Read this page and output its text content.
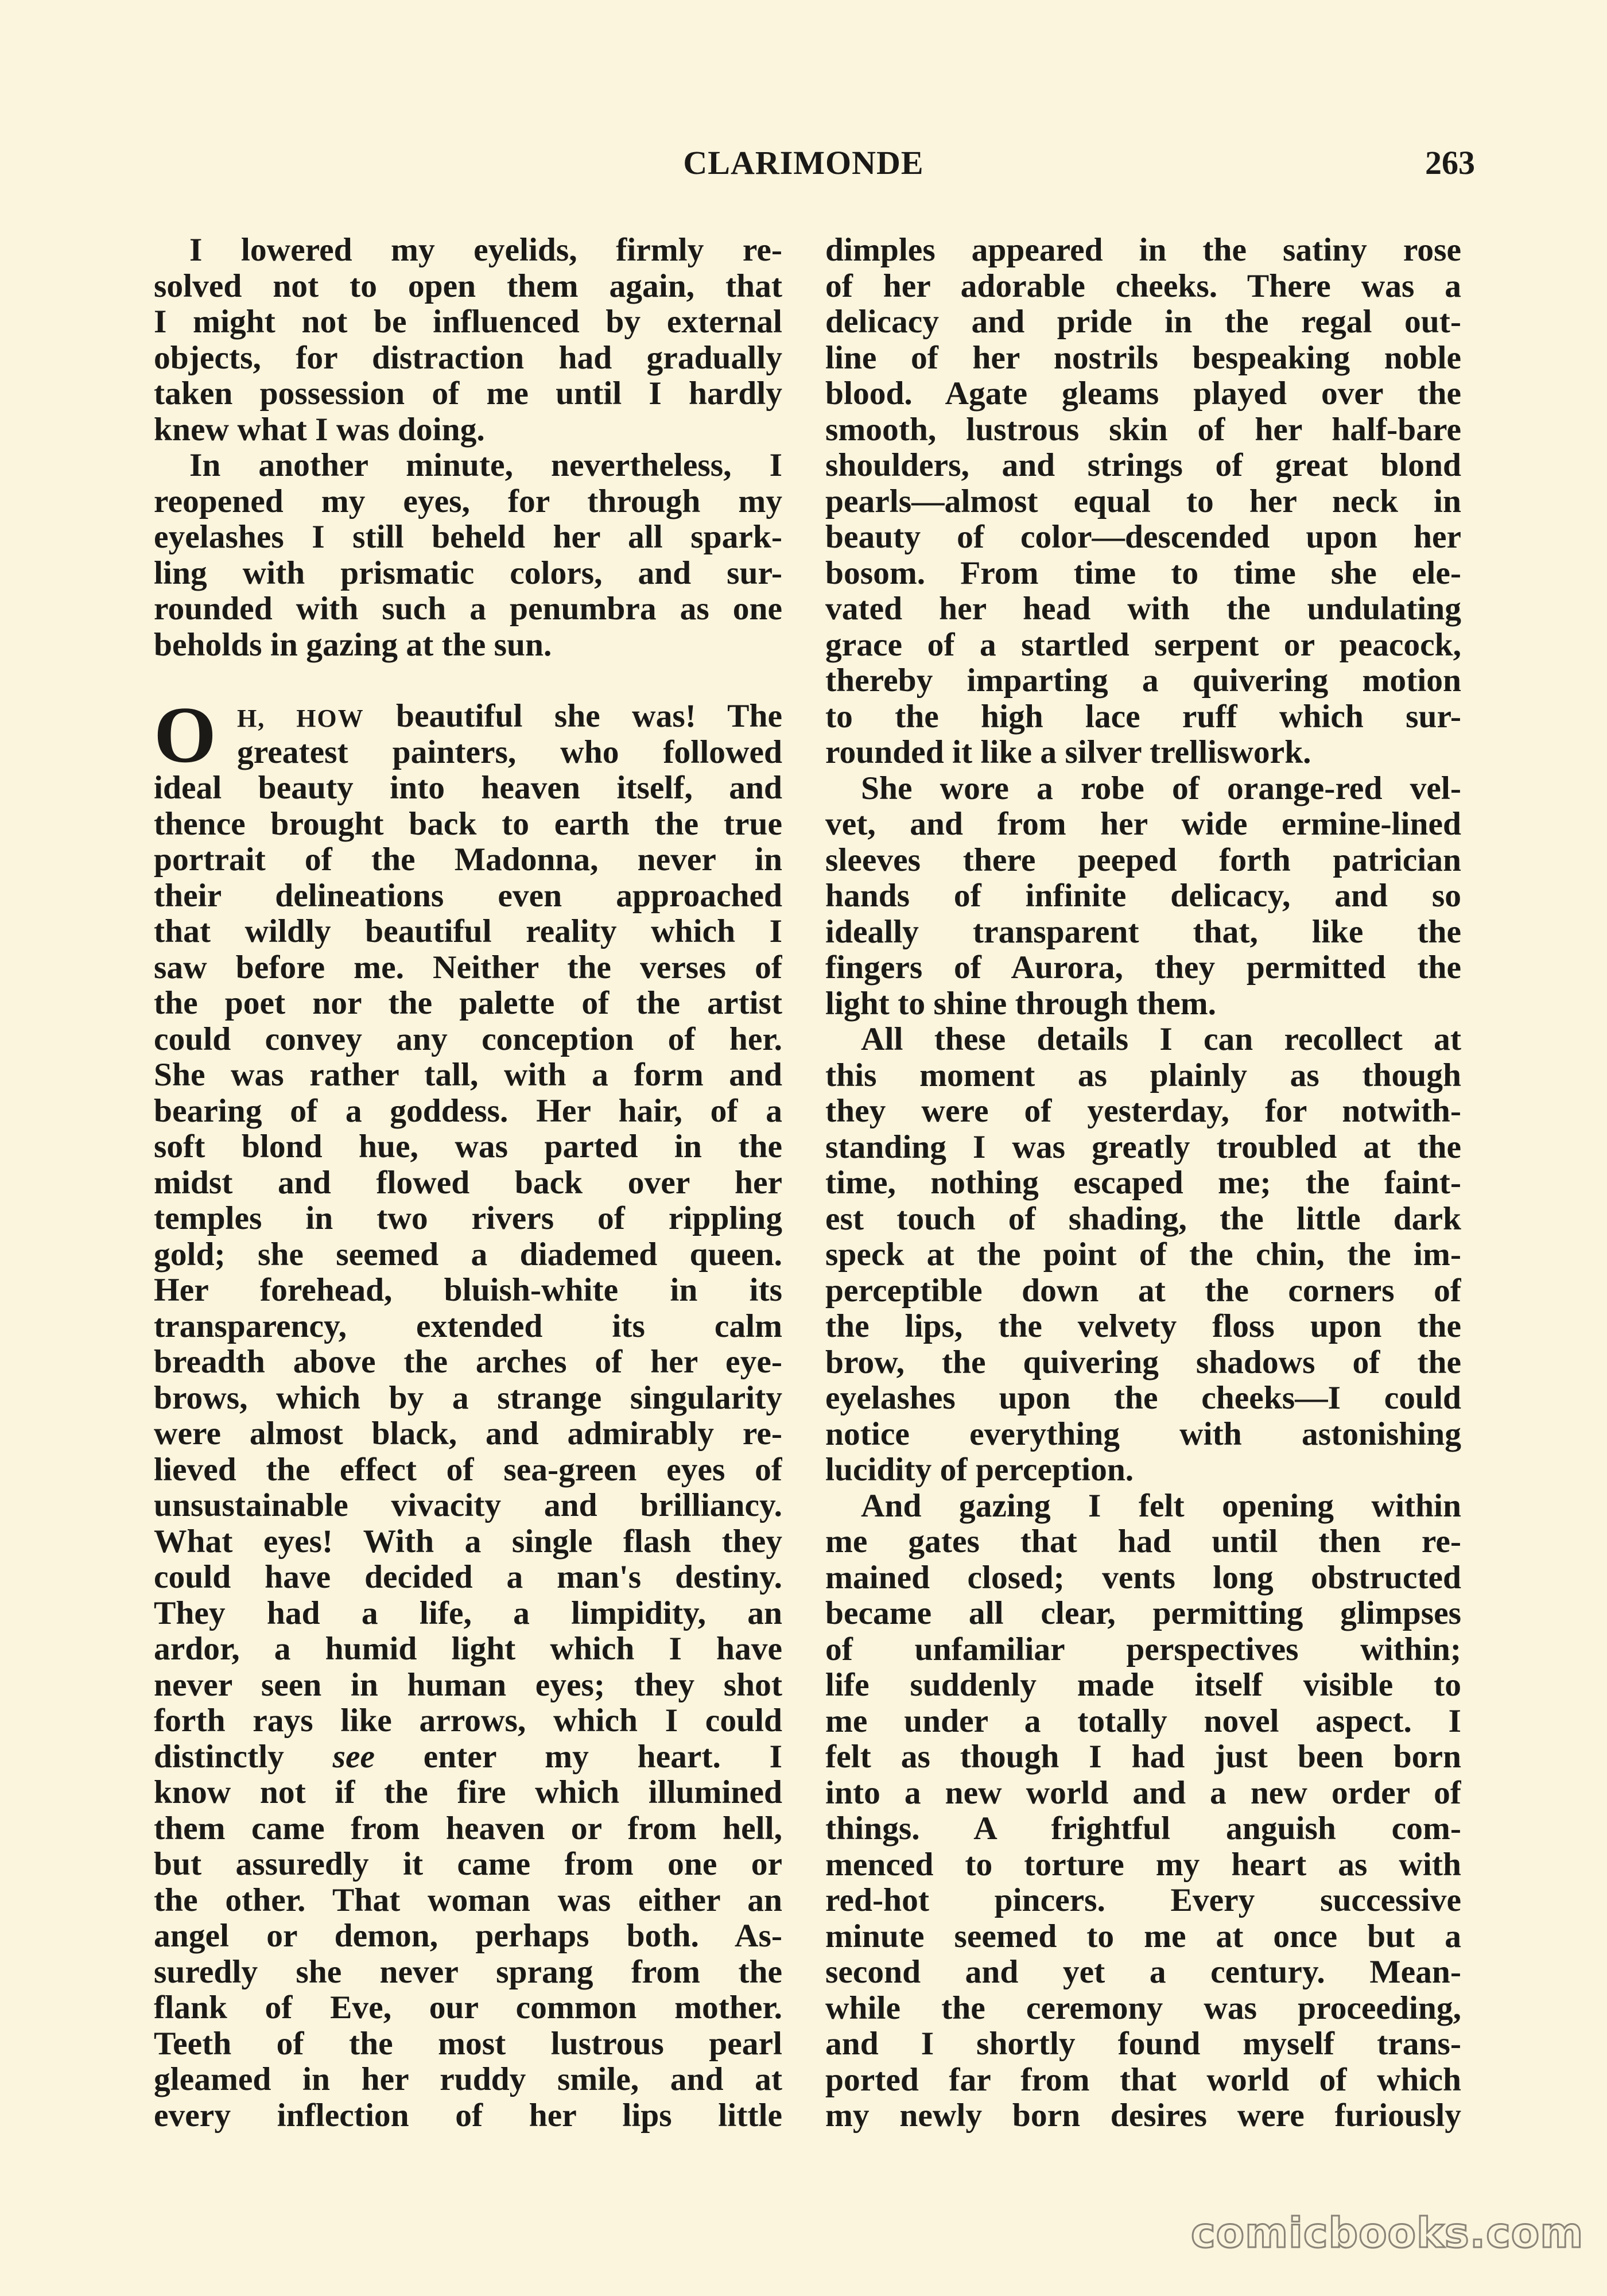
CLARIMONDE	263
I lowered my eyelids, firmly re-
solved not to open them again, that
I might not be influenced by external
objects, for distraction had gradually
taken possession of me until I hardly
knew what I was doing.
In another minute, nevertheless, I
reopened my eyes, for through my
eyelashes I still beheld her all spark-
ling with prismatic colors, and sur-
rounded with such a penumbra as one
beholds in gazing at the sun.
O H, HOW beautiful she was! The
greatest painters, who followed
ideal beauty into heaven itself, and
thence brought back to earth the true
portrait of the Madonna, never in
their delineations even approached
that wildly beautiful reality which I
saw before me. Neither the verses of
the poet nor the palette of the artist
could convey any conception of her.
She was rather tall, with a form and
bearing of a goddess. Her hair, of a
soft blond hue, was parted in the
midst and flowed back over her
temples in two rivers of rippling
gold; she seemed a diademed queen.
Her forehead, bluish-white in its
transparency, extended its calm
breadth above the arches of her eye-
brows, which by a strange singularity
were almost black, and admirably re-
lieved the effect of sea-green eyes of
unsustainable vivacity and brilliancy.
What eyes! With a single flash they
could have decided a man's destiny.
They had a life, a limpidity, an
ardor, a humid light which I have
never seen in human eyes; they shot
forth rays like arrows, which I could
distinctly see enter my heart. I
know not if the fire which illumined
them came from heaven or from hell,
but assuredly it came from one or
the other. That woman was either an
angel or demon, perhaps both. As-
suredly she never sprang from the
flank of Eve, our common mother.
Teeth of the most lustrous pearl
gleamed in her ruddy smile, and at
every inflection of her lips little
dimples appeared in the satiny rose
of her adorable cheeks. There was a
delicacy and pride in the regal out-
line of her nostrils bespeaking noble
blood. Agate gleams played over the
smooth, lustrous skin of her half-bare
shoulders, and strings of great blond
pearls—almost equal to her neck in
beauty of color—descended upon her
bosom. From time to time she ele-
vated her head with the undulating
grace of a startled serpent or peacock,
thereby imparting a quivering motion
to the high lace ruff which sur-
rounded it like a silver trelliswork.
She wore a robe of orange-red vel-
vet, and from her wide ermine-lined
sleeves there peeped forth patrician
hands of infinite delicacy, and so
ideally transparent that, like the
fingers of Aurora, they permitted the
light to shine through them.
All these details I can recollect at
this moment as plainly as though
they were of yesterday, for notwith-
standing I was greatly troubled at the
time, nothing escaped me; the faint-
est touch of shading, the little dark
speck at the point of the chin, the im-
perceptible down at the corners of
the lips, the velvety floss upon the
brow, the quivering shadows of the
eyelashes upon the cheeks—I could
notice everything with astonishing
lucidity of perception.
And gazing I felt opening within
me gates that had until then re-
mained closed; vents long obstructed
became all clear, permitting glimpses
of unfamiliar perspectives within;
life suddenly made itself visible to
me under a totally novel aspect. I
felt as though I had just been born
into a new world and a new order of
things. A frightful anguish com-
menced to torture my heart as with
red-hot pincers. Every successive
minute seemed to me at once but a
second and yet a century. Mean-
while the ceremony was proceeding,
and I shortly found myself trans-
ported far from that world of which
my newly born desires were furiously
comicbooks.com
